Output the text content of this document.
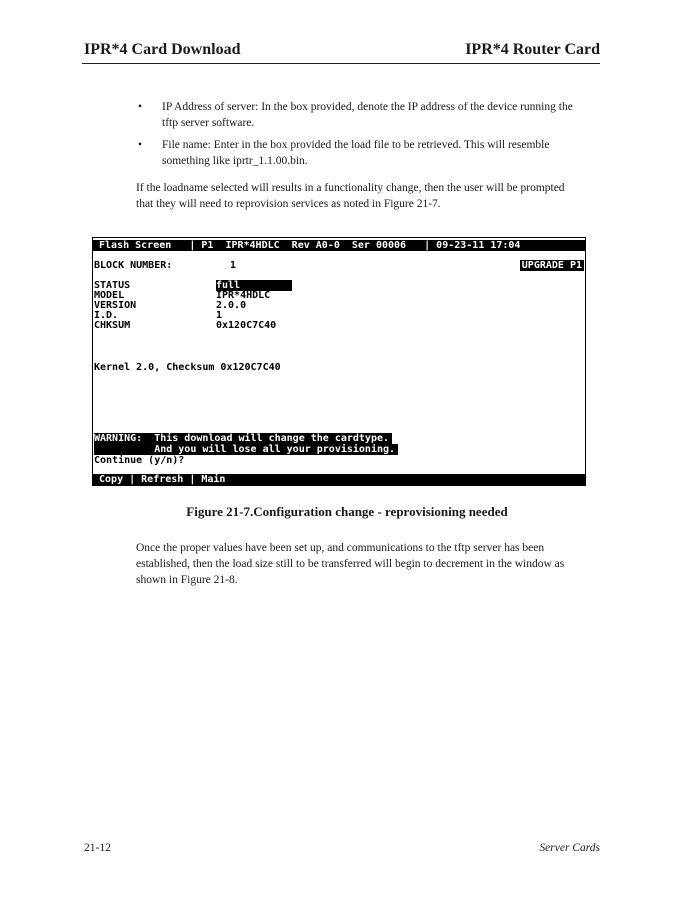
IPR*4 Card Download	IPR*4 Router Card
• IP Address of server: In the box provided, denote the IP address of the device running the
tftp server software.
• File name: Enter in the box provided the load file to be retrieved. This will resemble
something like iprtr_1.1.00.bin.
If the loadname selected will results in a functionality change, then the user will be prompted
that they will need to reprovision services as noted in Figure 21-7.
Flash Screen   | P1  IPR*4HDLC  Rev A0-0  Ser 00006   | 09-23-11 17:04
BLOCK NUMBER:	1	UPGRADE P1
STATUS	full
MODEL	IPR*4HDLC
VERSION	2.0.0
I.D.	1
CHKSUM	0x120C7C40
Kernel 2.0, Checksum 0x120C7C40
WARNING:  This download will change the cardtype.
And you will lose all your provisioning.
Continue (y/n)?
Copy | Refresh | Main
Figure 21-7.Configuration change - reprovisioning needed
Once the proper values have been set up, and communications to the tftp server has been
established, then the load size still to be transferred will begin to decrement in the window as
shown in Figure 21-8.
21-12	Server Cards
